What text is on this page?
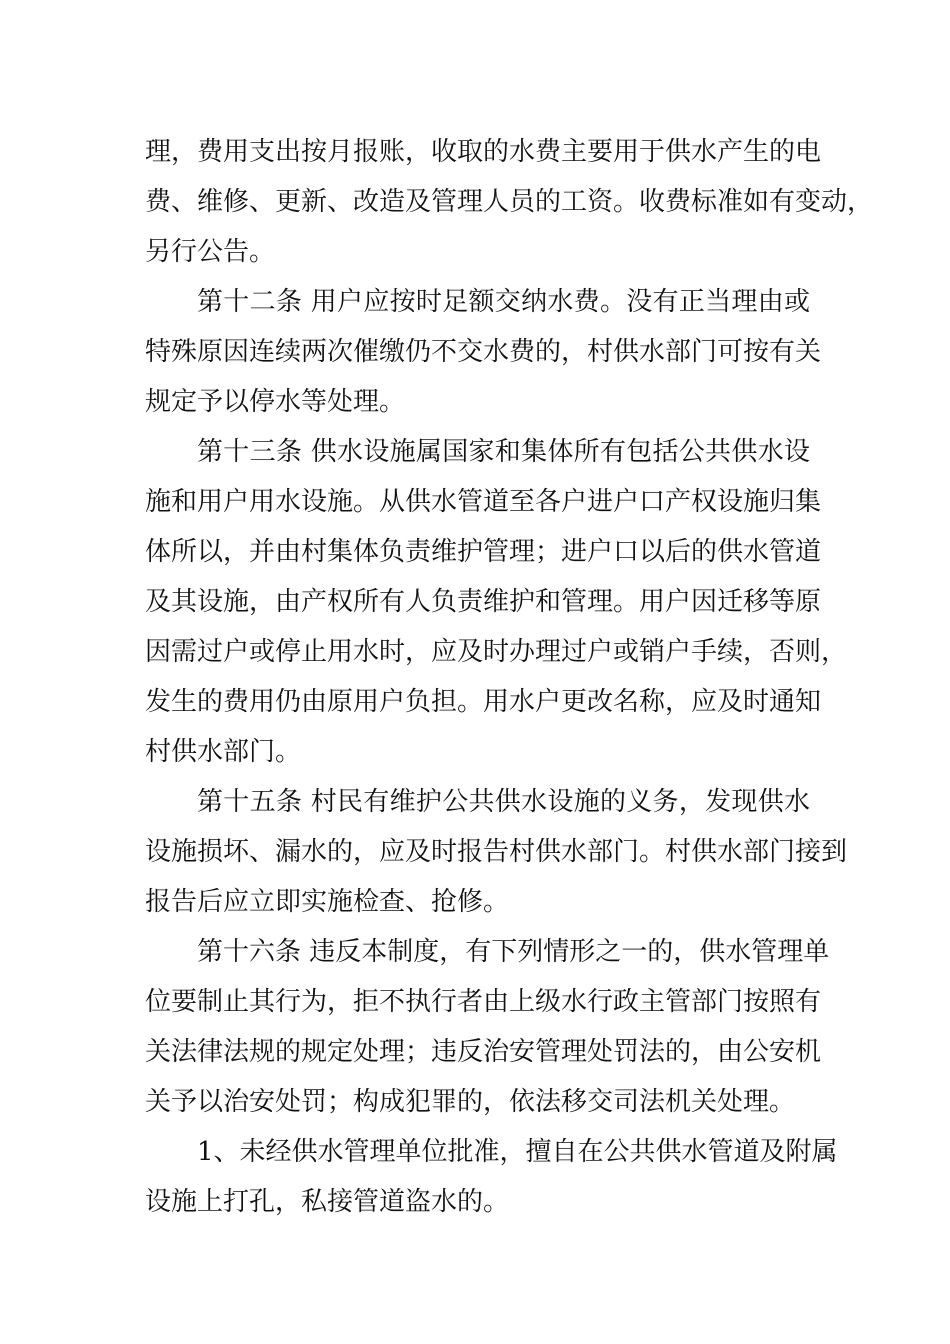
理，费用支出按月报账，收取的水费主要用于供水产生的电
费、维修、更新、改造及管理人员的工资。收费标准如有变动，
另行公告。
第十二条 用户应按时足额交纳水费。没有正当理由或
特殊原因连续两次催缴仍不交水费的，村供水部门可按有关
规定予以停水等处理。
第十三条 供水设施属国家和集体所有包括公共供水设
施和用户用水设施。从供水管道至各户进户口产权设施归集
体所以，并由村集体负责维护管理；进户口以后的供水管道
及其设施，由产权所有人负责维护和管理。用户因迁移等原
因需过户或停止用水时，应及时办理过户或销户手续，否则，
发生的费用仍由原用户负担。用水户更改名称，应及时通知
村供水部门。
第十五条 村民有维护公共供水设施的义务，发现供水
设施损坏、漏水的，应及时报告村供水部门。村供水部门接到
报告后应立即实施检查、抢修。
第十六条 违反本制度，有下列情形之一的，供水管理单
位要制止其行为，拒不执行者由上级水行政主管部门按照有
关法律法规的规定处理；违反治安管理处罚法的，由公安机
关予以治安处罚；构成犯罪的，依法移交司法机关处理。
1、未经供水管理单位批准，擅自在公共供水管道及附属
设施上打孔，私接管道盗水的。
